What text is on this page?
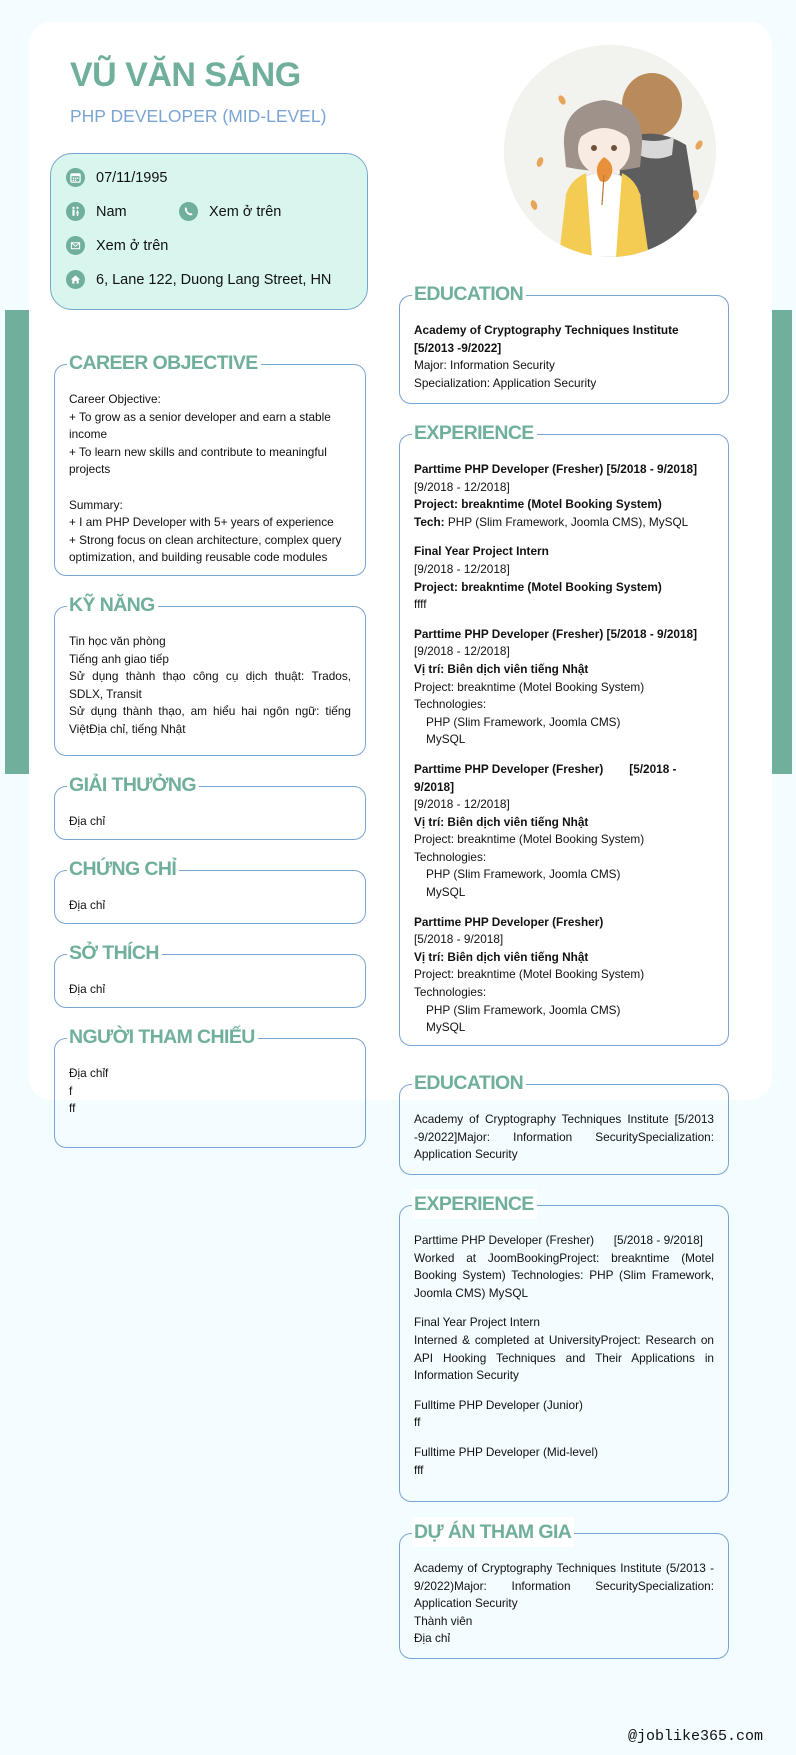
VŨ VĂN SÁNG
PHP DEVELOPER (MID-LEVEL)
07/11/1995
Nam	Xem ở trên
Xem ở trên
6, Lane 122, Duong Lang Street, HN
CAREER OBJECTIVE
Career Objective:
+ To grow as a senior developer and earn a stable income
+ To learn new skills and contribute to meaningful projects
Summary:
+ I am PHP Developer with 5+ years of experience
+ Strong focus on clean architecture, complex query optimization, and building reusable code modules
KỸ NĂNG
Tin học văn phòng
Tiếng anh giao tiếp
Sử dụng thành thạo công cụ dịch thuật: Trados, SDLX, Transit
Sử dụng thành thạo, am hiểu hai ngôn ngữ: tiếng ViệtĐịa chỉ, tiếng Nhật
GIẢI THƯỞNG
Địa chỉ
CHỨNG CHỈ
Địa chỉ
SỞ THÍCH
Địa chỉ
NGƯỜI THAM CHIẾU
Địa chỉf
f
ff
EDUCATION
Academy of Cryptography Techniques Institute
[5/2013 -9/2022]
Major: Information Security
Specialization: Application Security
EXPERIENCE
Parttime PHP Developer (Fresher) [5/2018 - 9/2018]
[9/2018 - 12/2018]
Project: breakntime (Motel Booking System)
Tech: PHP (Slim Framework, Joomla CMS), MySQL
Final Year Project Intern
[9/2018 - 12/2018]
Project: breakntime (Motel Booking System)
ffff
Parttime PHP Developer (Fresher) [5/2018 - 9/2018]
[9/2018 - 12/2018]
Vị trí: Biên dịch viên tiếng Nhật
Project: breakntime (Motel Booking System)
Technologies:
PHP (Slim Framework, Joomla CMS)
MySQL
Parttime PHP Developer (Fresher) [5/2018 - 9/2018]
[9/2018 - 12/2018]
Vị trí: Biên dịch viên tiếng Nhật
Project: breakntime (Motel Booking System)
Technologies:
PHP (Slim Framework, Joomla CMS)
MySQL
Parttime PHP Developer (Fresher)
[5/2018 - 9/2018]
Vị trí: Biên dịch viên tiếng Nhật
Project: breakntime (Motel Booking System)
Technologies:
PHP (Slim Framework, Joomla CMS)
MySQL
EDUCATION
Academy of Cryptography Techniques Institute [5/2013 -9/2022]Major: Information SecuritySpecialization: Application Security
EXPERIENCE
Parttime PHP Developer (Fresher)      [5/2018 - 9/2018]
Worked at JoomBookingProject: breakntime (Motel Booking System) Technologies: PHP (Slim Framework, Joomla CMS) MySQL
Final Year Project Intern
Interned & completed at UniversityProject: Research on API Hooking Techniques and Their Applications in Information Security
Fulltime PHP Developer (Junior)
ff
Fulltime PHP Developer (Mid-level)
fff
DỰ ÁN THAM GIA
Academy of Cryptography Techniques Institute (5/2013 - 9/2022)Major: Information SecuritySpecialization: Application Security
Thành viên
Địa chỉ
@joblike365.com
